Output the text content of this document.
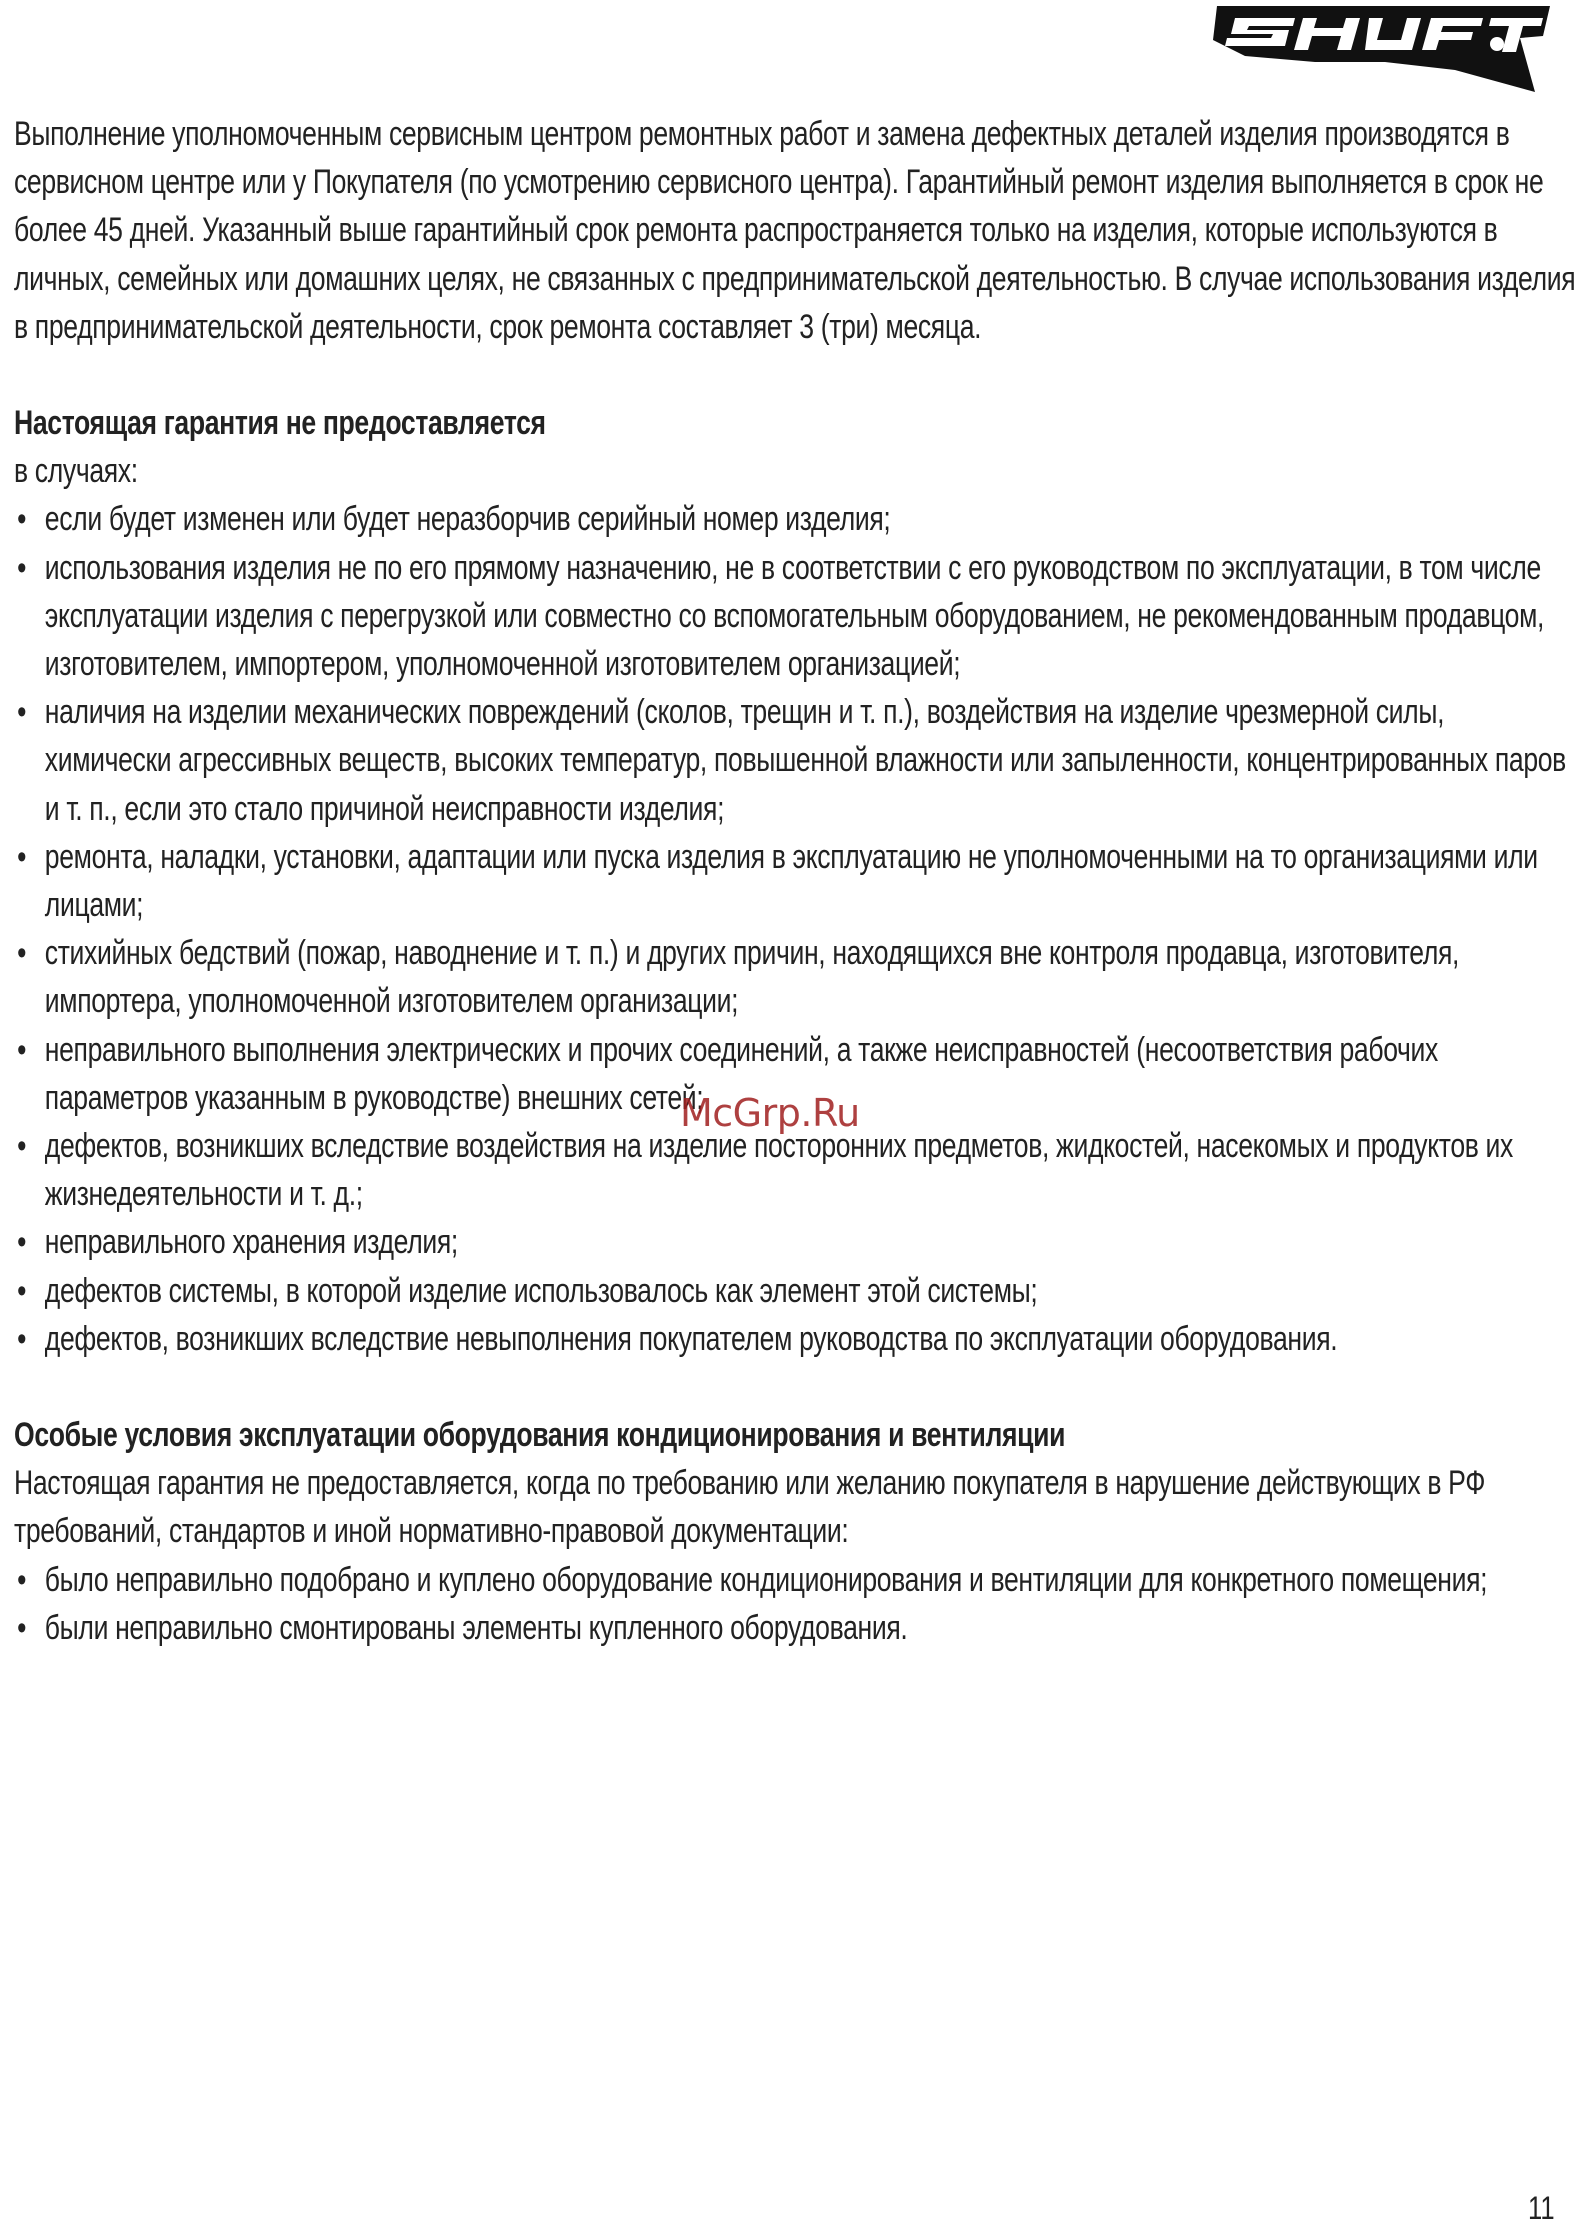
Выполнение уполномоченным сервисным центром ремонтных работ и замена дефектных деталей изделия производятся в сервисном центре или у Покупателя (по усмотрению сервисного центра). Гарантийный ремонт изделия выполняется в срок не более 45 дней. Указанный выше гарантийный срок ремонта распространяется только на изделия, которые используются в личных, семейных или домашних целях, не связанных с предпринимательской деятельностью. В случае использования изделия в предпринимательской деятельности, срок ремонта составляет 3 (три) месяца.

Настоящая гарантия не предоставляется

в случаях:

• если будет изменен или будет неразборчив серийный номер изделия;
• использования изделия не по его прямому назначению, не в соответствии с его руководством по эксплуатации, в том числе эксплуатации изделия с перегрузкой или совместно со вспомогательным оборудованием, не рекомендованным продавцом, изготовителем, импортером, уполномоченной изготовителем организацией;
• наличия на изделии механических повреждений (сколов, трещин и т. п.), воздействия на изделие чрезмерной силы, химически агрессивных веществ, высоких температур, повышенной влажности или запыленности, концентрированных паров и т. п., если это стало причиной неисправности изделия;
• ремонта, наладки, установки, адаптации или пуска изделия в эксплуатацию не уполномоченными на то организациями или лицами;
• стихийных бедствий (пожар, наводнение и т. п.) и других причин, находящихся вне контроля продавца, изготовителя, импортера, уполномоченной изготовителем организации;
• неправильного выполнения электрических и прочих соединений, а также неисправностей (несоответствия рабочих параметров указанным в руководстве) внешних сетей;
• дефектов, возникших вследствие воздействия на изделие посторонних предметов, жидкостей, насекомых и продуктов их жизнедеятельности и т. д.;
• неправильного хранения изделия;
• дефектов системы, в которой изделие использовалось как элемент этой системы;
• дефектов, возникших вследствие невыполнения покупателем руководства по эксплуатации оборудования.

Особые условия эксплуатации оборудования кондиционирования и вентиляции

Настоящая гарантия не предоставляется, когда по требованию или желанию покупателя в нарушение действующих в РФ требований, стандартов и иной нормативно-правовой документации:

• было неправильно подобрано и куплено оборудование кондиционирования и вентиляции для конкретного помещения;
• были неправильно смонтированы элементы купленного оборудования.
McGrp.Ru
11
